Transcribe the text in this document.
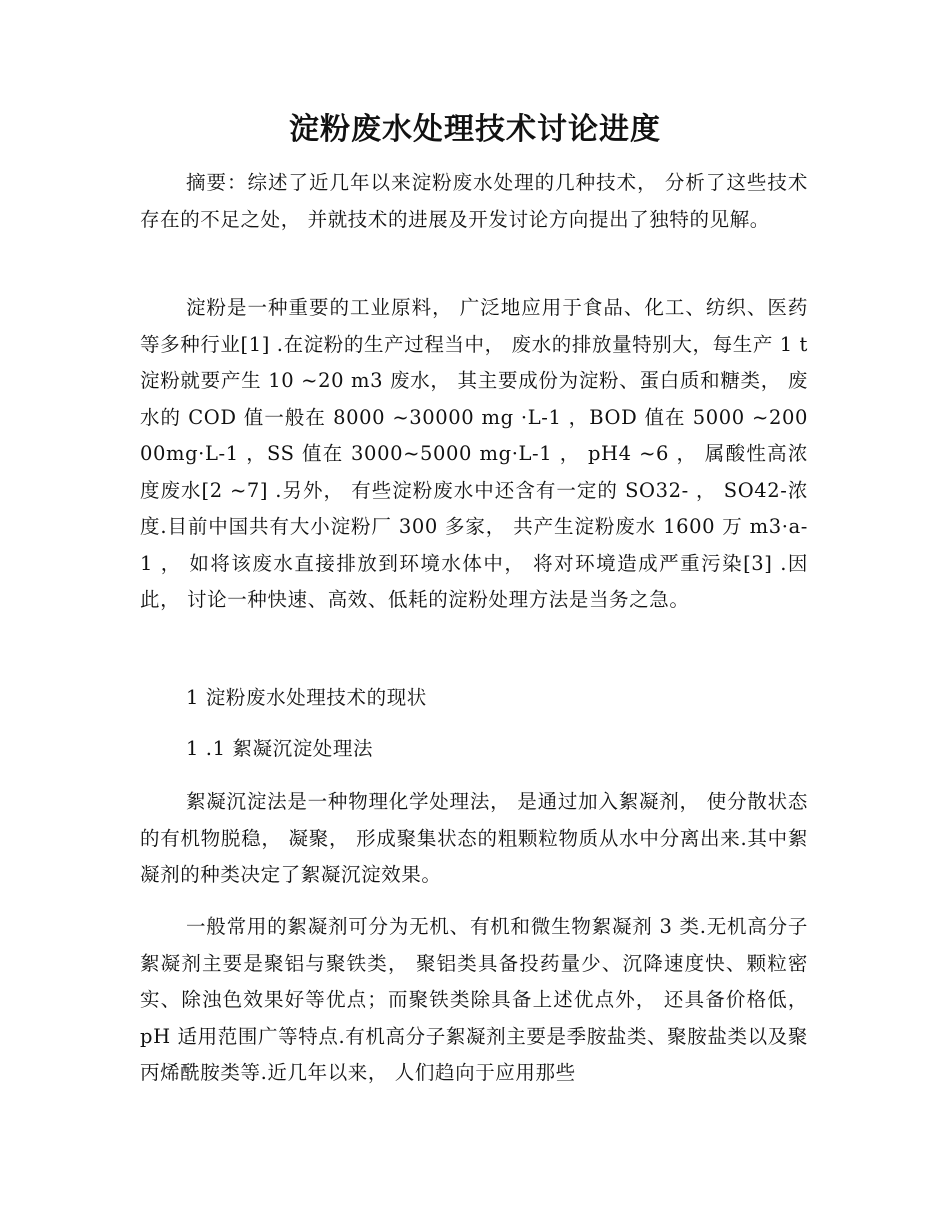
淀粉废水处理技术讨论进度

摘要：综述了近几年以来淀粉废水处理的几种技术， 分析了这些技术存在的不足之处， 并就技术的进展及开发讨论方向提出了独特的见解。

淀粉是一种重要的工业原料， 广泛地应用于食品、化工、纺织、医药等多种行业[1] .在淀粉的生产过程当中， 废水的排放量特别大，每生产 1 t 淀粉就要产生 10 ~20 m3 废水， 其主要成份为淀粉、蛋白质和糖类， 废水的 COD 值一般在 8000 ~30000 mg ·L-1 ，BOD 值在 5000 ~20000mg·L-1 ，SS 值在 3000~5000 mg·L-1 ， pH4 ~6 ， 属酸性高浓度废水[2 ~7] .另外， 有些淀粉废水中还含有一定的 SO32- ， SO42-浓度.目前中国共有大小淀粉厂 300 多家， 共产生淀粉废水 1600 万 m3·a-1 ， 如将该废水直接排放到环境水体中， 将对环境造成严重污染[3] .因此， 讨论一种快速、高效、低耗的淀粉处理方法是当务之急。

1 淀粉废水处理技术的现状

1 .1 絮凝沉淀处理法

絮凝沉淀法是一种物理化学处理法， 是通过加入絮凝剂， 使分散状态的有机物脱稳， 凝聚， 形成聚集状态的粗颗粒物质从水中分离出来.其中絮凝剂的种类决定了絮凝沉淀效果。

一般常用的絮凝剂可分为无机、有机和微生物絮凝剂 3 类.无机高分子絮凝剂主要是聚铝与聚铁类， 聚铝类具备投药量少、沉降速度快、颗粒密实、除浊色效果好等优点；而聚铁类除具备上述优点外， 还具备价格低， pH 适用范围广等特点.有机高分子絮凝剂主要是季胺盐类、聚胺盐类以及聚丙烯酰胺类等.近几年以来， 人们趋向于应用那些
